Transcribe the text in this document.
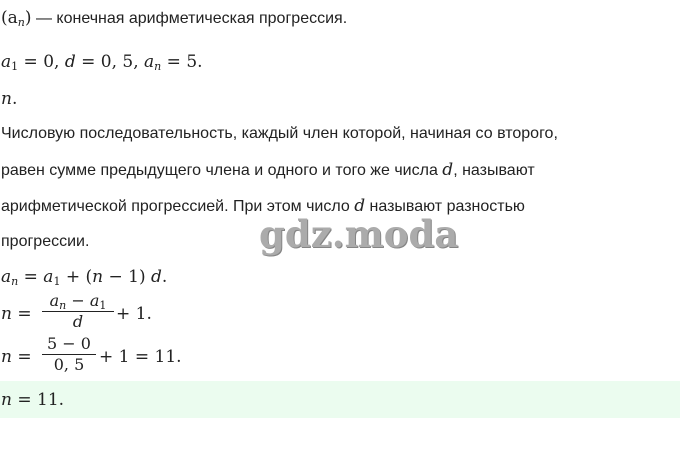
$(a_n)$ — конечная арифметическая прогрессия.
$a_1 = 0$, d = 0, 5, $a_n = 5$.
n.
Числовую последовательность, каждый член которой, начиная со второго,
равен сумме предыдущего члена и одного и того же числа d, называют
арифметической прогрессией. При этом число d называют разностью
прогрессии.
$a_n = a_1 + (n - 1)$ d.
n =
$a_n - a_1$
d	+ 1.
n =
5 − 0
0, 5 + 1 = 11.
n = 11.
gdz.moda
